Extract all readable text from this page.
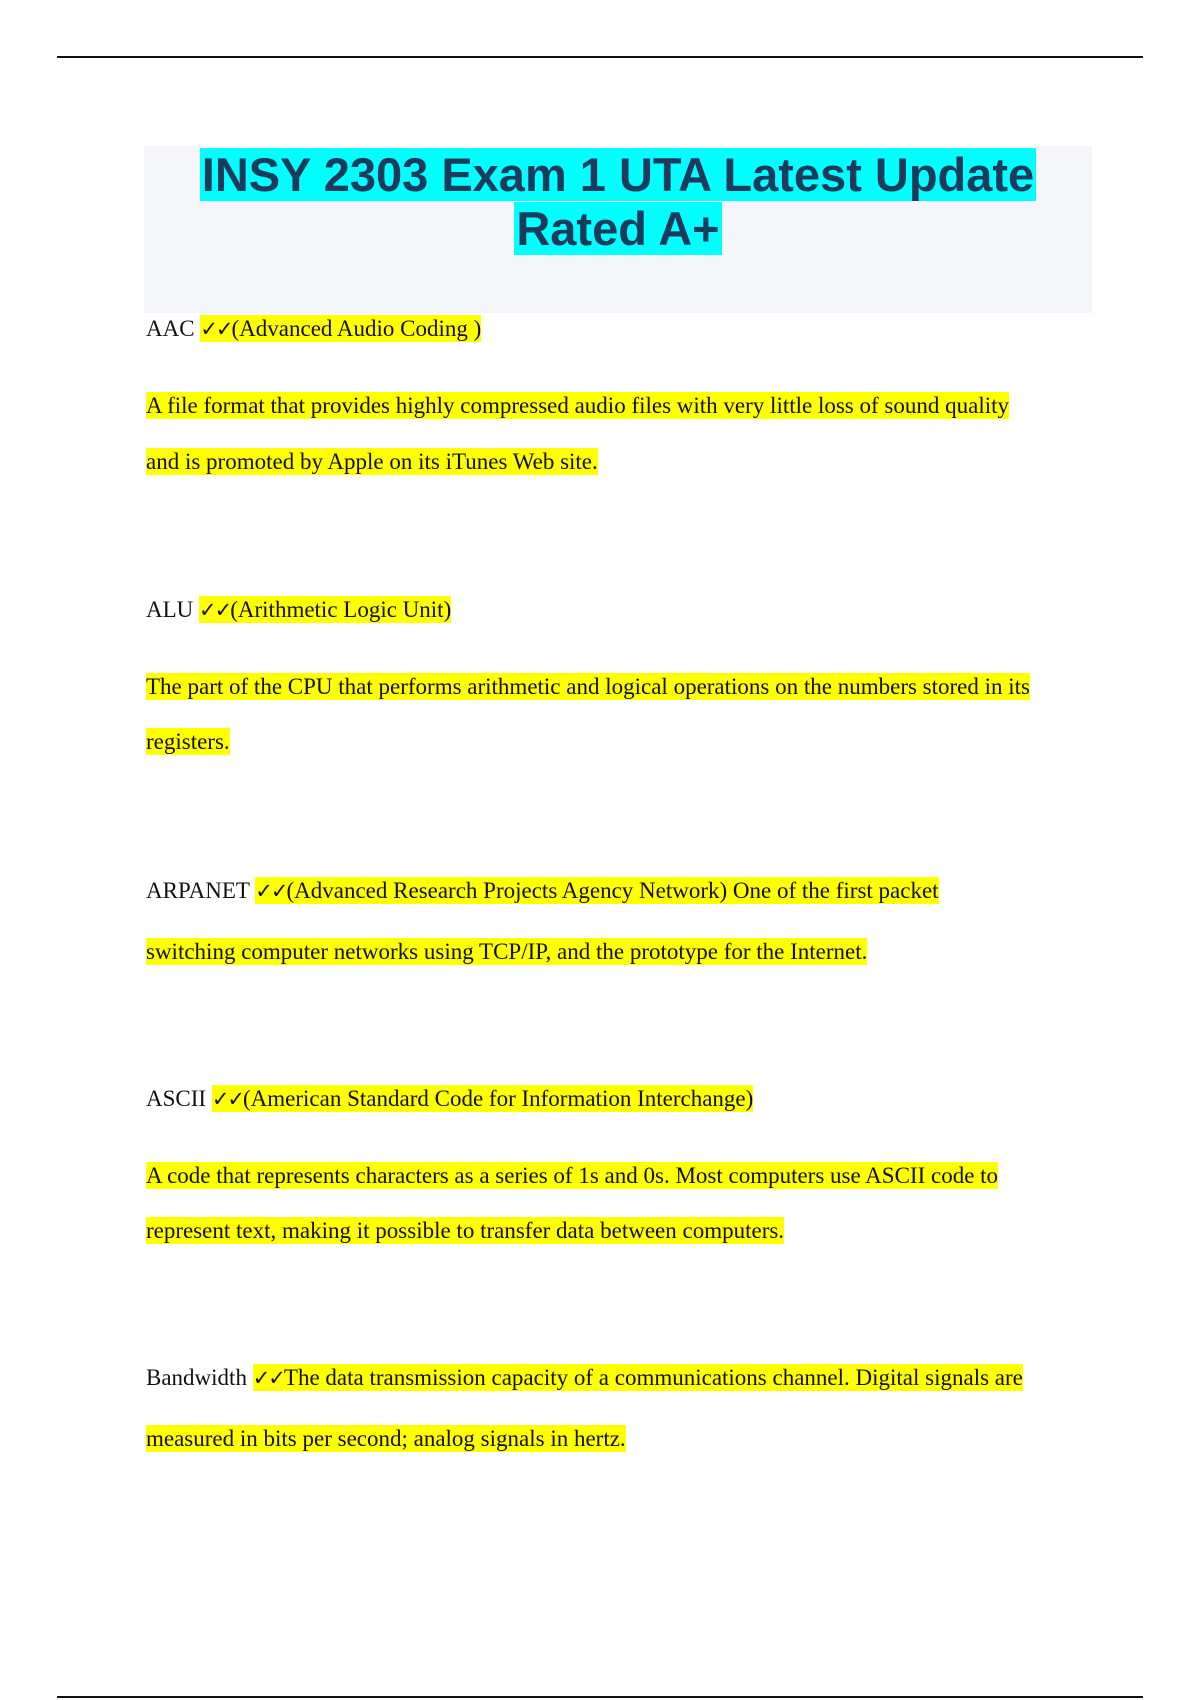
INSY 2303 Exam 1 UTA Latest Update
Rated A+
AAC ✓✓(Advanced Audio Coding )
A file format that provides highly compressed audio files with very little loss of sound quality
and is promoted by Apple on its iTunes Web site.
ALU ✓✓(Arithmetic Logic Unit)
The part of the CPU that performs arithmetic and logical operations on the numbers stored in its
registers.
ARPANET ✓✓(Advanced Research Projects Agency Network) One of the first packet
switching computer networks using TCP/IP, and the prototype for the Internet.
ASCII ✓✓(American Standard Code for Information Interchange)
A code that represents characters as a series of 1s and 0s. Most computers use ASCII code to
represent text, making it possible to transfer data between computers.
Bandwidth ✓✓The data transmission capacity of a communications channel. Digital signals are
measured in bits per second; analog signals in hertz.
